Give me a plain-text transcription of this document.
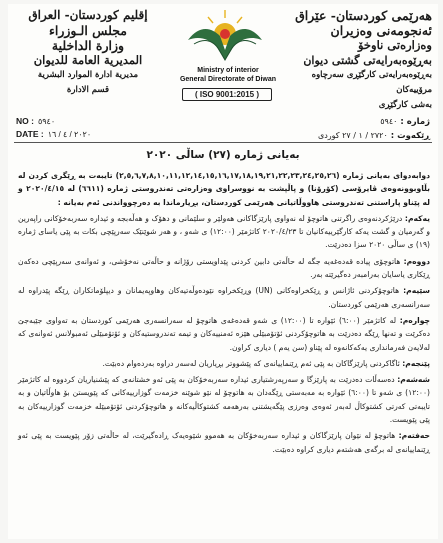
هەرێمی کوردستان- عێراق
ئەنجومەنی وەزیران
وەزارەتی ناوخۆ
بەڕێوەبەرایەتی گشتی دیوان
بەڕێوەبەرایەتی کارگێڕی سەرچاوە مرۆییەکان
بەشی کارگێڕی
إقليم كوردستان- العراق
مجلس الـوزراء
وزارة الداخلية
المديرية العامة للديوان
مديرية ادارة الموارد البشرية
قسم الادارة
Ministry of interior
General Directorate of Diwan
( ISO 9001:2015 )
NO : ٥٩٤٠
DATE : ٢٠٢٠ / ٤ / ١٦
ژمارە : ٥٩٤٠
ڕێکەوت : ٢٧٢٠ / ١ / ٢٧ کوردی
بەیانی ژمارە (٢٧) ساڵی ٢٠٢٠

دوابەدوای بەیانی ژمارە (٢,٥,٦,٧,٨,١٠,١١,١٢,١٤,١٥,١٦,١٧,١٨,١٩,٢١,٢٢,٢٣,٢٤,٢٥,٢٦) تایبەت بە ڕێگری کردن لە بڵاوبوونەوەی ڤایرۆسی (کۆرۆنا) و پاڵپشت بە نووسراوی وەزارەتی تەندروستی ژمارە (٦٦١١) لە ٢٠٢٠/٤/١٥ و لە پێناو پاراستنی تەندروستی هاووڵاتیانی هەرێمی کوردستان، بڕیارماندا بە دەرچوواندنی ئەم بەیانە :

یەکەم: درێژکردنەوەی راگرتنی هاتوچۆ لە نەواوی پارێزگاکانی هەولێر و سلێمانی و دهۆک و هەڵەبجە و ئیدارە سەربەخۆکانی راپەرین و گەرمیان و گشت یەکە کارگێرییەکانیان تا ٢٠٢٠/٤/٢٣ کاتژمێر (١٢:٠٠) ی شەو ، و هەر شوێنێک سەرپێچی بکات بە پێی یاسای ژمارە (١٩) ی ساڵی ٢٠٢٠ سزا دەدرێت.

دووەم: هاتوچۆی پیادە قەدەغەیە جگە لە حاڵەتی دابین کردنی پێداویستی رۆژانە و حاڵەتی نەخۆشی، و ئەوانەی سەرپێچی دەکەن ڕێکاری یاسایان بەرامبەر دەگیرێتە بەر.

سێیەم: هاتوچۆکردنی ئاژانس و ڕێکخراوەکانی (UN) وڕێکخراوە نێودەوڵەتیەکان وهاوپەیمانان و دیپلۆماتکاران ڕێگە پێدراوە لە سەرانسەری هەرێمی کوردستان.

چوارەم: لە کاتژمێر (٦:٠٠) ئێوارە تا (١٢:٠٠) ی شەو قەدەغەی هاتوچۆ لە سەرانسەری هەرێمی کوردستان بە تەواوی جێبەجێ دەکرێت و تەنها ڕێگە دەدرێت بە هاتوچۆکردنی ئۆتۆمبێلی هێزە ئەمنییەکان و تیمە تەندروستیەکان و ئۆتۆمبێلی ئەمبولانس ئەوانەی کە لەلایەن فەرمانداری یەکەکانەوە لە پێناو (سن یەم ) دیاری کراون.

پێنجەم: ئاگاکردنی پارێزگاکان بە پێی ئەم ڕێنماییانەی کە پێشووتر بڕیاریان لەسەر دراوە بەردەوام دەبێت.

شەشەم: دەسەڵات دەدرێت بە پارێزگا و سەرپەرشتیاری ئیدارە سەربەخۆکان بە پێی ئەو خشتانەی کە پێشنیاریان کردووە لە کاتژمێر (١٢:٠٠) ی شەو تا (٦:٠٠) ئێوارە بە مەبەستی ڕێگەدان بە هاتوچۆ لە نێو شوێنە خزمەت گوزارییەکانی کە پێویستن بۆ هاوڵاتیان و بە تایبەتی کەرتی کشتوکاڵ لەبەر ئەوەی وەرزی پێگەیشتنی بەرهەمە کشتوکاڵیەکانە و هاتوچۆکردنی ئۆتۆمبێلە خزمەت گوزارییەکان بە پێی پێویست.

حەفتەم: هاتوچۆ لە نێوان پارێزگاکان و ئیدارە سەربەخۆکان بە هەموو شێوەیەک ڕادەگیرێت، لە حاڵەتی زۆر پێویست بە پێی ئەو ڕێنماییانەی لە برگەی هەشتەم دیاری کراوە دەبێت.
